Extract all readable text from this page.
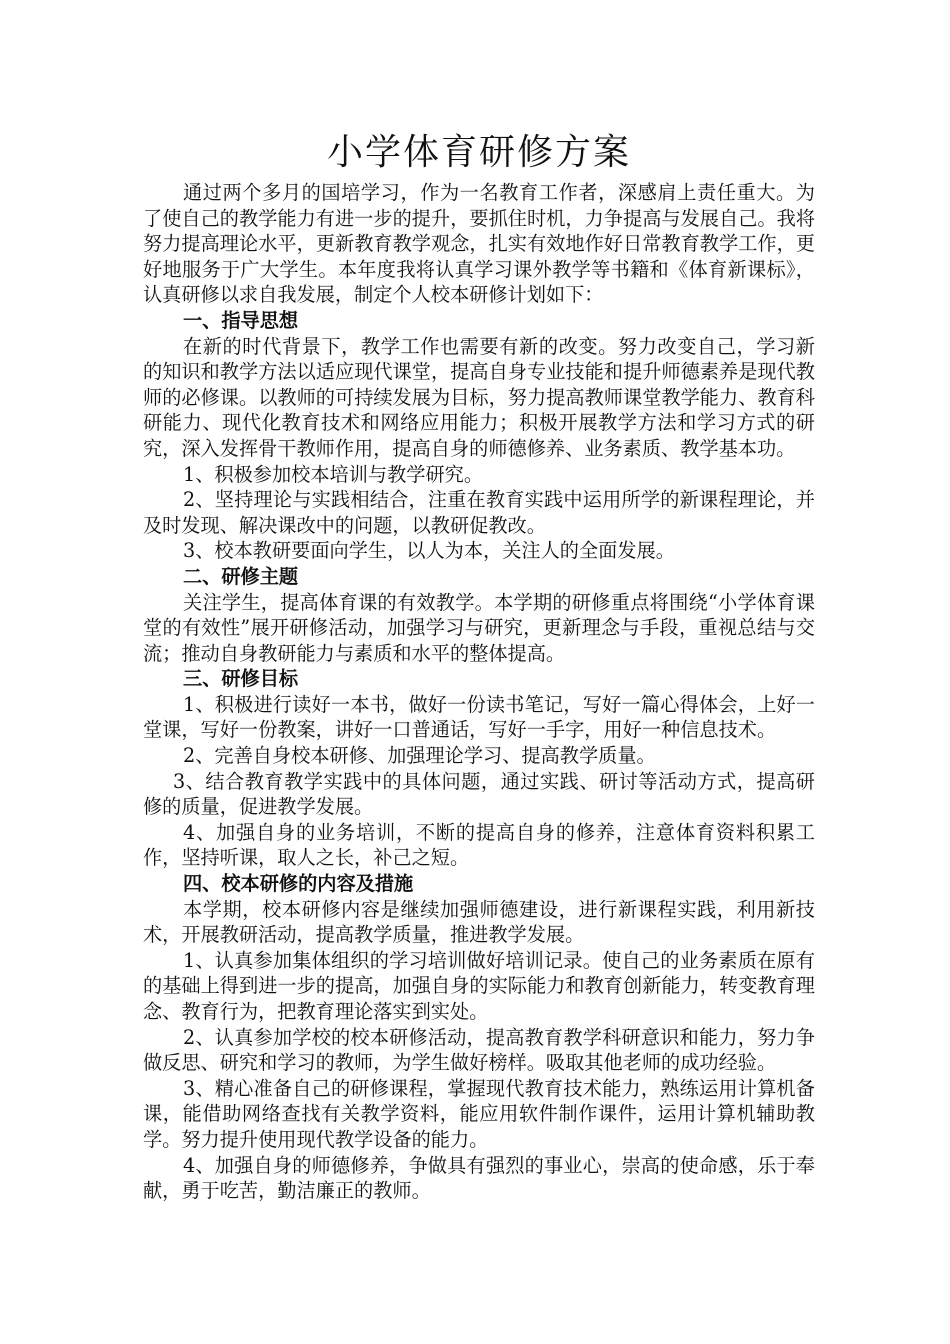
小学体育研修方案

通过两个多月的国培学习，作为一名教育工作者，深感肩上责任重大。为了使自己的教学能力有进一步的提升，要抓住时机，力争提高与发展自己。我将努力提高理论水平，更新教育教学观念，扎实有效地作好日常教育教学工作，更好地服务于广大学生。本年度我将认真学习课外教学等书籍和《体育新课标》，认真研修以求自我发展，制定个人校本研修计划如下：

一、指导思想

在新的时代背景下，教学工作也需要有新的改变。努力改变自己，学习新的知识和教学方法以适应现代课堂，提高自身专业技能和提升师德素养是现代教师的必修课。以教师的可持续发展为目标，努力提高教师课堂教学能力、教育科研能力、现代化教育技术和网络应用能力；积极开展教学方法和学习方式的研究，深入发挥骨干教师作用，提高自身的师德修养、业务素质、教学基本功。

1、积极参加校本培训与教学研究。

2、坚持理论与实践相结合，注重在教育实践中运用所学的新课程理论，并及时发现、解决课改中的问题，以教研促教改。

3、校本教研要面向学生，以人为本，关注人的全面发展。

二、研修主题

关注学生，提高体育课的有效教学。本学期的研修重点将围绕“小学体育课堂的有效性”展开研修活动，加强学习与研究，更新理念与手段，重视总结与交流；推动自身教研能力与素质和水平的整体提高。

三、研修目标

1、积极进行读好一本书，做好一份读书笔记，写好一篇心得体会，上好一堂课，写好一份教案，讲好一口普通话，写好一手字，用好一种信息技术。

2、完善自身校本研修、加强理论学习、提高教学质量。

3、结合教育教学实践中的具体问题，通过实践、研讨等活动方式，提高研修的质量，促进教学发展。

4、加强自身的业务培训，不断的提高自身的修养，注意体育资料积累工作，坚持听课，取人之长，补己之短。

四、校本研修的内容及措施

本学期，校本研修内容是继续加强师德建设，进行新课程实践，利用新技术，开展教研活动，提高教学质量，推进教学发展。

1、认真参加集体组织的学习培训做好培训记录。使自己的业务素质在原有的基础上得到进一步的提高，加强自身的实际能力和教育创新能力，转变教育理念、教育行为，把教育理论落实到实处。

2、认真参加学校的校本研修活动，提高教育教学科研意识和能力，努力争做反思、研究和学习的教师，为学生做好榜样。吸取其他老师的成功经验。

3、精心准备自己的研修课程，掌握现代教育技术能力，熟练运用计算机备课，能借助网络查找有关教学资料，能应用软件制作课件，运用计算机辅助教学。努力提升使用现代教学设备的能力。

4、加强自身的师德修养，争做具有强烈的事业心，崇高的使命感，乐于奉献，勇于吃苦，勤洁廉正的教师。
